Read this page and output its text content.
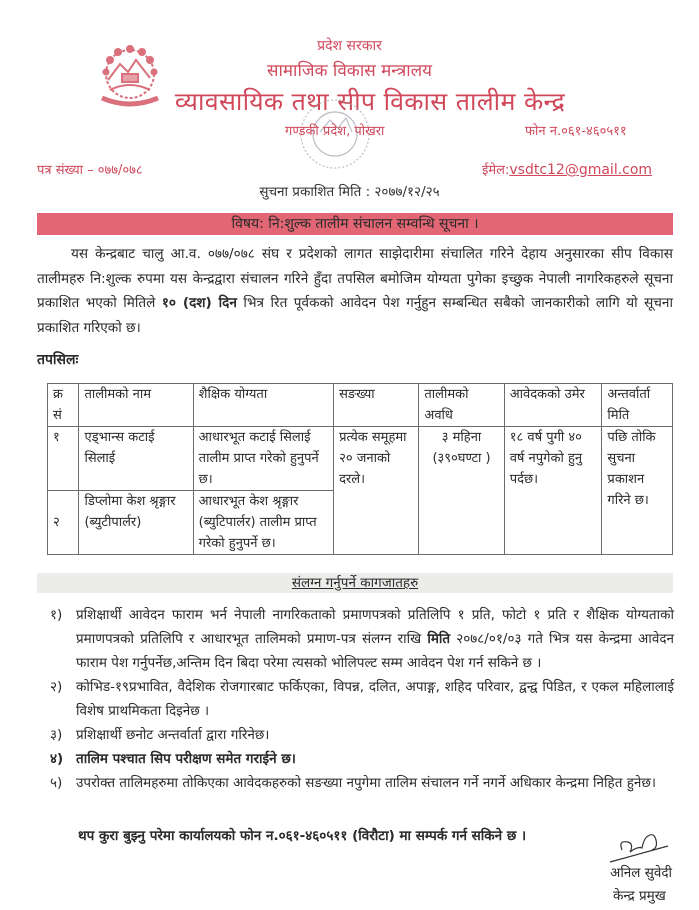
प्रदेश सरकार
सामाजिक विकास मन्त्रालय
व्यावसायिक तथा सीप विकास तालीम केन्द्र
गण्डकी प्रदेश, पोखरा	फोन न.०६१-४६०५११
पत्र संख्या – ०७७/०७८	ईमेल:vsdtc12@gmail.com
सुचना प्रकाशित मिति : २०७७/१२/२५
विषय: नि:शुल्क तालीम संचालन सम्वन्धि सूचना ।
यस केन्द्रबाट चालु आ.व. ०७७/०७८ संघ र प्रदेशको लागत साझेदारीमा संचालित गरिने देहाय अनुसारका सीप विकास तालीमहरु नि:शुल्क रुपमा यस केन्द्रद्वारा संचालन गरिने हुँदा तपसिल बमोजिम योग्यता पुगेका इच्छुक नेपाली नागरिकहरुले सूचना प्रकाशित भएको मितिले १० (दश) दिन भित्र रित पूर्वकको आवेदन पेश गर्नुहुन सम्बन्धित सबैको जानकारीको लागि यो सूचना प्रकाशित गरिएको छ।
तपसिलः
क्र सं	तालीमको नाम	शैक्षिक योग्यता	सङख्या	तालीमको अवधि	आवेदकको उमेर	अन्तर्वार्ता मिति
१	एड्भान्स कटाई सिलाई	आधारभूत कटाई सिलाई तालीम प्राप्त गरेको हुनुपर्ने छ।	प्रत्येक समूहमा २० जनाको दरले।	३ महिना (३९०घण्टा )	१८ वर्ष पुगी ४० वर्ष नपुगेको हुनु पर्दछ।	पछि तोकि सुचना प्रकाशन गरिने छ।
२	डिप्लोमा केश श्रृङ्गार (ब्युटीपार्लर)	आधारभूत केश श्रृङ्गार (ब्युटिपार्लर) तालीम प्राप्त गरेको हुनुपर्ने छ।				
संलग्न गर्नुपर्ने कागजातहरु
१) प्रशिक्षार्थी आवेदन फाराम भर्न नेपाली नागरिकताको प्रमाणपत्रको प्रतिलिपि १ प्रति, फोटो १ प्रति र शैक्षिक योग्यताको प्रमाणपत्रको प्रतिलिपि र आधारभूत तालिमको प्रमाण-पत्र संलग्न राखि मिति २०७८/०१/०३ गते भित्र यस केन्द्रमा आवेदन फाराम पेश गर्नुपर्नेछ,अन्तिम दिन बिदा परेमा त्यसको भोलिपल्ट सम्म आवेदन पेश गर्न सकिने छ ।
२) कोभिड-१९प्रभावित, वैदेशिक रोजगारबाट फर्किएका, विपन्न, दलित, अपाङ्ग, शहिद परिवार, द्वन्द्व पिडित, र एकल महिलालाई विशेष प्राथमिकता दिइनेछ ।
३) प्रशिक्षार्थी छनोट अन्तर्वार्ता द्वारा गरिनेछ।
४) तालिम पश्चात सिप परीक्षण समेत गराईने छ।
५) उपरोक्त तालिमहरुमा तोकिएका आवेदकहरुको सङख्या नपुगेमा तालिम संचालन गर्ने नगर्ने अधिकार केन्द्रमा निहित हुनेछ।
थप कुरा बुझ्नु परेमा कार्यालयको फोन न.०६१-४६०५११ (विरौटा) मा सम्पर्क गर्न सकिने छ ।
अनिल सुवेदी
केन्द्र प्रमुख
